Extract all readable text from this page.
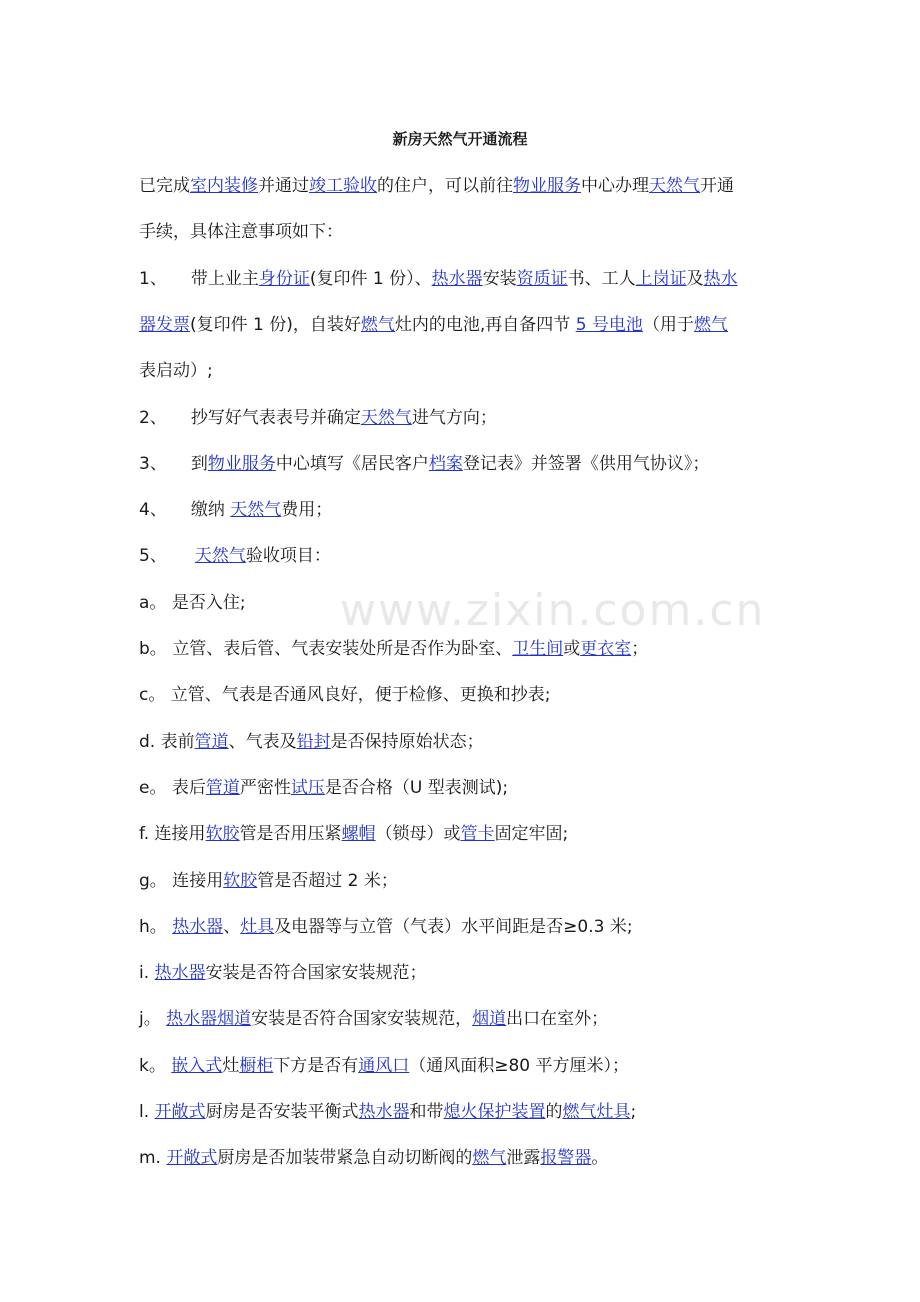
www.zixin.com.cn
新房天然气开通流程
已完成室内装修并通过竣工验收的住户，可以前往物业服务中心办理天然气开通
手续，具体注意事项如下：
1、 带上业主身份证(复印件 1 份）、热水器安装资质证书、工人上岗证及热水
器发票(复印件 1 份)，自装好燃气灶内的电池,再自备四节 5 号电池（用于燃气
表启动）;
2、 抄写好气表表号并确定天然气进气方向；
3、 到物业服务中心填写《居民客户档案登记表》并签署《供用气协议》；
4、 缴纳 天然气费用；
5、 天然气验收项目：
a。 是否入住;
b。 立管、表后管、气表安装处所是否作为卧室、卫生间或更衣室；
c。 立管、气表是否通风良好，便于检修、更换和抄表;
d. 表前管道、气表及铅封是否保持原始状态；
e。 表后管道严密性试压是否合格（U 型表测试);
f. 连接用软胶管是否用压紧螺帽（锁母）或管卡固定牢固;
g。 连接用软胶管是否超过 2 米；
h。 热水器、灶具及电器等与立管（气表）水平间距是否≥0.3 米;
i. 热水器安装是否符合国家安装规范；
j。 热水器烟道安装是否符合国家安装规范，烟道出口在室外；
k。 嵌入式灶橱柜下方是否有通风口（通风面积≥80 平方厘米）；
l. 开敞式厨房是否安装平衡式热水器和带熄火保护装置的燃气灶具;
m. 开敞式厨房是否加装带紧急自动切断阀的燃气泄露报警器。
